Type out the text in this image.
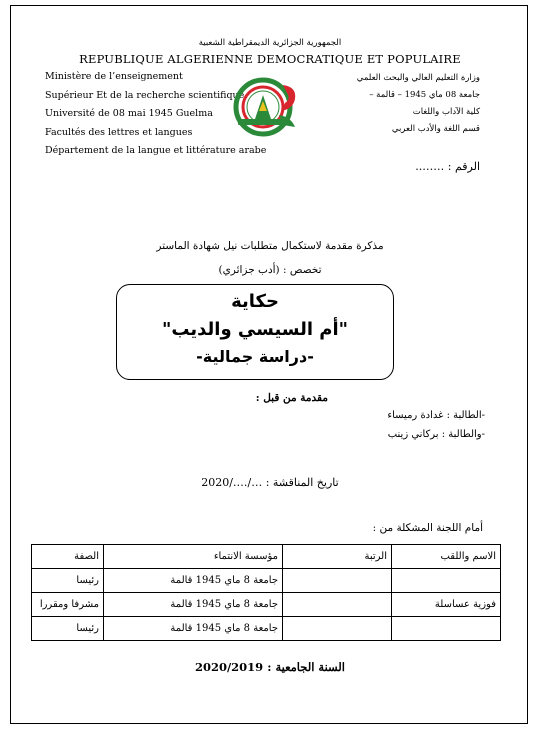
الجمهورية الجزائرية الديمقراطية الشعبية
REPUBLIQUE ALGERIENNE DEMOCRATIQUE ET POPULAIRE
Ministère de l’enseignement
Supérieur Et de la recherche scientifique
Université de 08 mai 1945 Guelma
Facultés des lettres et langues
Département de la langue et littérature arabe
وزارة التعليم العالي والبحث العلمي
جامعة 08 ماي 1945 – قالمة –
كلية الآداب واللغات
قسم اللغة والأدب العربي
الرقم : ……..
مذكرة مقدمة لاستكمال متطلبات نيل شهادة الماستر
تخصص : (أدب جزائري)
حكاية
"أم السيسي والديب"
-دراسة جمالية-
مقدمة من قبل :
-الطالبة : غدادة رميساء
-والطالبة : بركاني زينب
تاريخ المناقشة : …/…./2020
أمام اللجنة المشكلة من :
الاسم واللقب	الرتبة	مؤسسة الانتماء	الصفة
		جامعة 8 ماي 1945 قالمة	رئيسا
فوزية عساسلة		جامعة 8 ماي 1945 قالمة	مشرفا ومقررا
		جامعة 8 ماي 1945 قالمة	رئيسا
السنة الجامعية : 2020/2019
